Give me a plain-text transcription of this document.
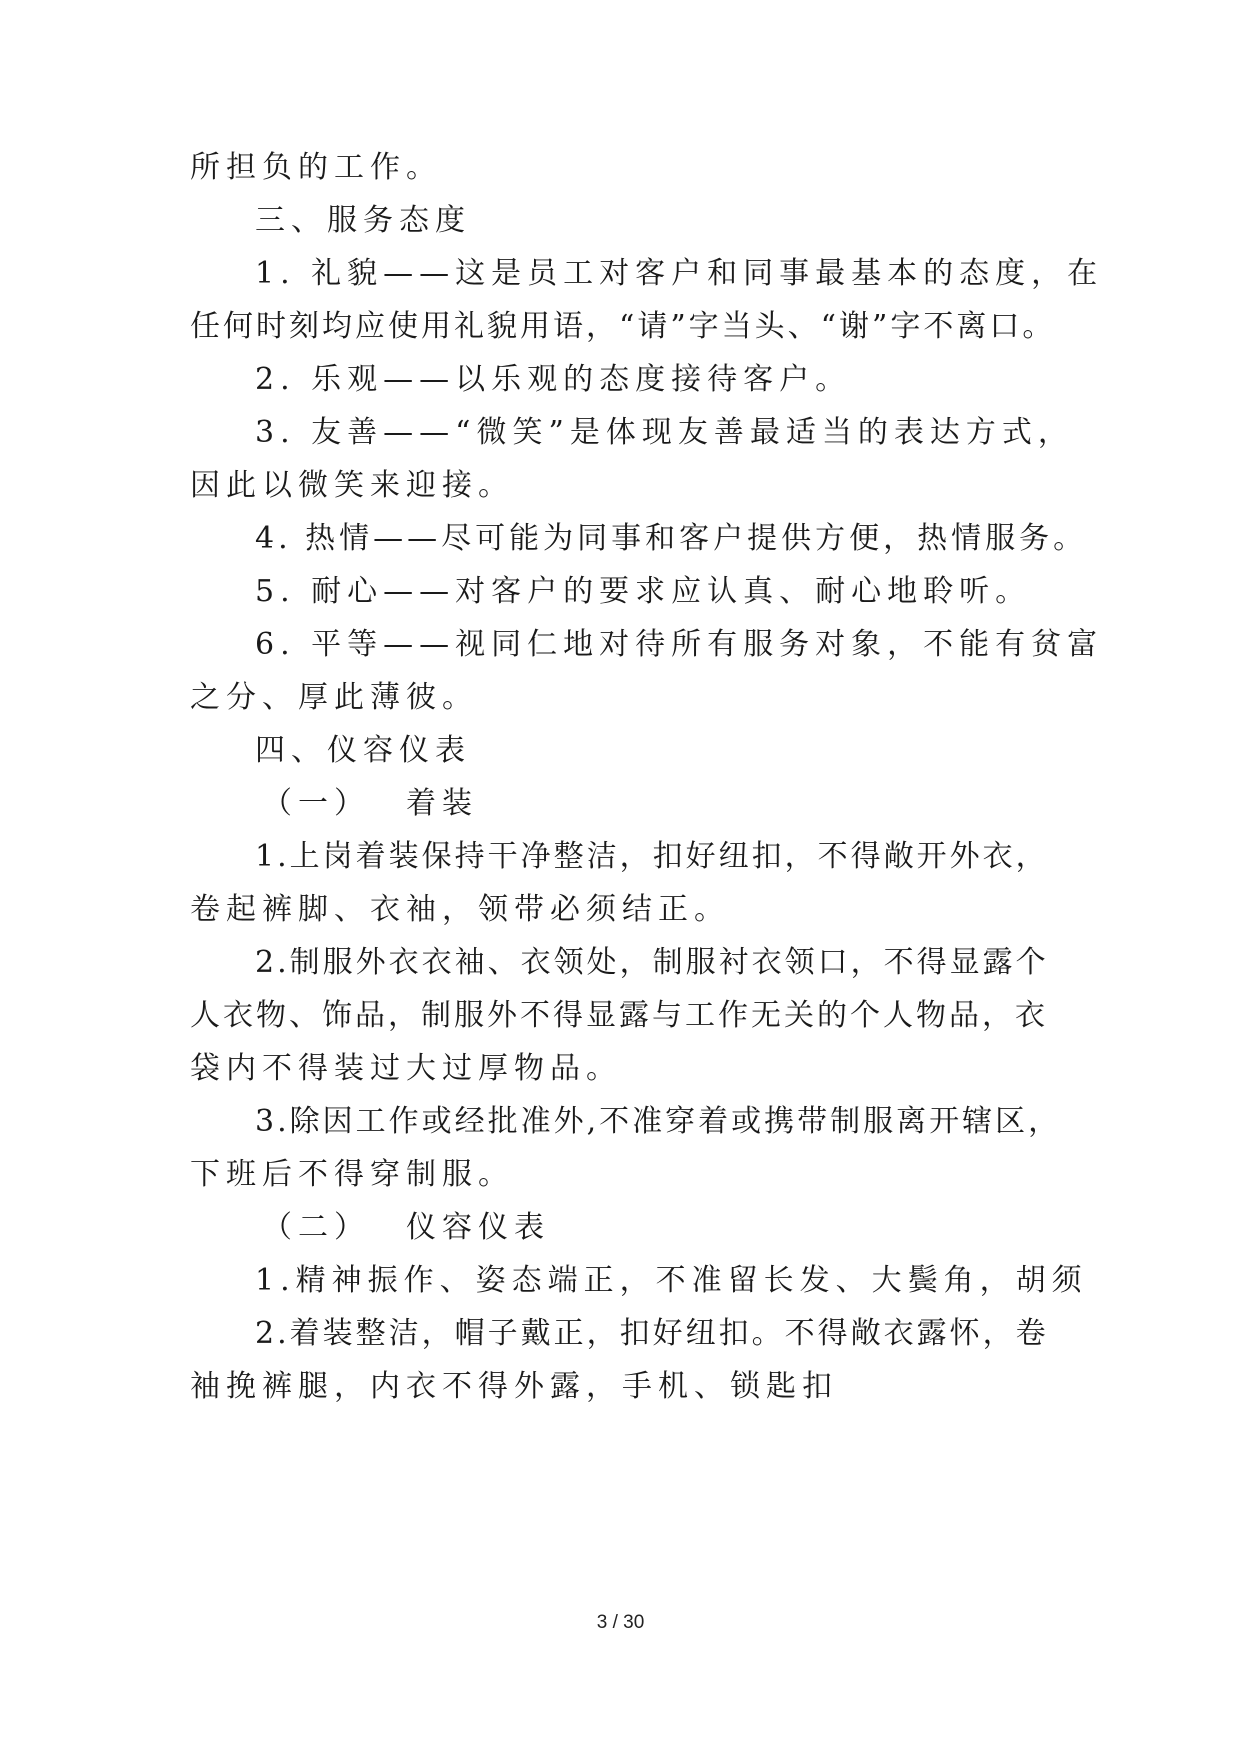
所担负的工作。
三、服务态度
1. 礼貌——这是员工对客户和同事最基本的态度，在
任何时刻均应使用礼貌用语，“请”字当头、“谢”字不离口。
2. 乐观——以乐观的态度接待客户。
3. 友善——“微笑”是体现友善最适当的表达方式，
因此以微笑来迎接。
4. 热情——尽可能为同事和客户提供方便，热情服务。
5. 耐心——对客户的要求应认真、耐心地聆听。
6. 平等——视同仁地对待所有服务对象，不能有贫富
之分、厚此薄彼。
四、仪容仪表
（一） 着装
1.上岗着装保持干净整洁，扣好纽扣，不得敞开外衣，
卷起裤脚、衣袖，领带必须结正。
2.制服外衣衣袖、衣领处，制服衬衣领口，不得显露个
人衣物、饰品，制服外不得显露与工作无关的个人物品，衣
袋内不得装过大过厚物品。
3.除因工作或经批准外,不准穿着或携带制服离开辖区，
下班后不得穿制服。
（二） 仪容仪表
1.精神振作、姿态端正，不准留长发、大鬓角，胡须
2.着装整洁，帽子戴正，扣好纽扣。不得敞衣露怀，卷
袖挽裤腿，内衣不得外露，手机、锁匙扣
3 / 30
